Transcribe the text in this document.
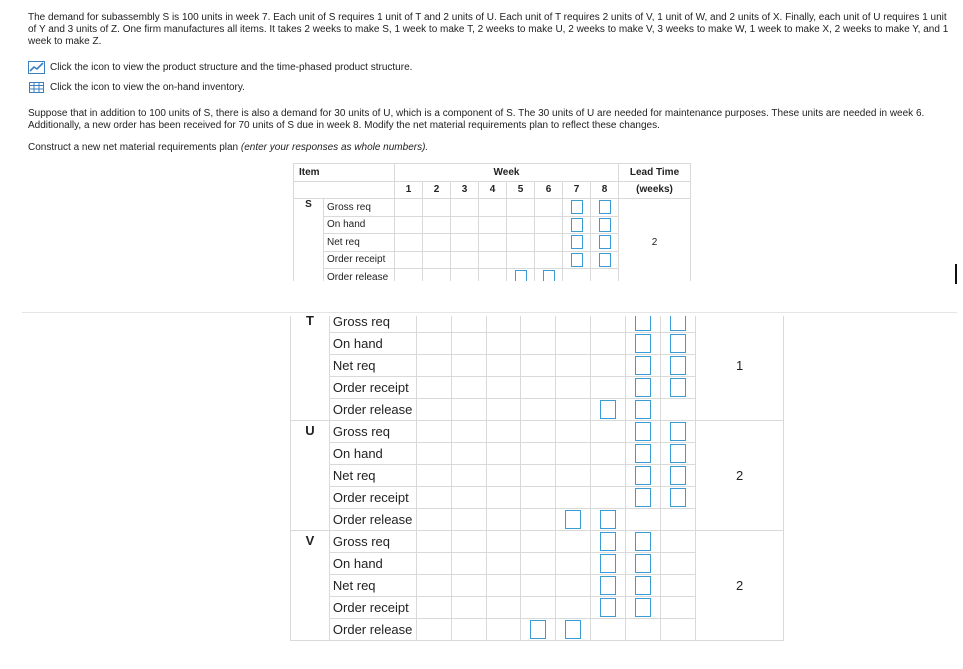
The demand for subassembly S is 100 units in week 7. Each unit of S requires 1 unit of T and 2 units of U. Each unit of T requires 2 units of V, 1 unit of W, and 2 units of X. Finally, each unit of U requires 1 unit of Y and 3 units of Z. One firm manufactures all items. It takes 2 weeks to make S, 1 week to make T, 2 weeks to make U, 2 weeks to make V, 3 weeks to make W, 1 week to make X, 2 weeks to make Y, and 1 week to make Z.
Click the icon to view the product structure and the time-phased product structure.
Click the icon to view the on-hand inventory.
Suppose that in addition to 100 units of S, there is also a demand for 30 units of U, which is a component of S. The 30 units of U are needed for maintenance purposes. These units are needed in week 6. Additionally, a new order has been received for 70 units of S due in week 8. Modify the net material requirements plan to reflect these changes.
Construct a new net material requirements plan (enter your responses as whole numbers).
Item		Week								Lead Time
		1	2	3	4	5	6	7	8	(weeks)
S	Gross req									2
	On hand								

	Net req								

	Order receipt								

	Order release						

T	Gross req									1
	On hand								

	Net req								

	Order receipt								

	Order release							

U	Gross req									2
	On hand								

	Net req								

	Order receipt								

	Order release						

V	Gross req									2
	On hand							

	Net req							

	Order receipt							

	Order release					
